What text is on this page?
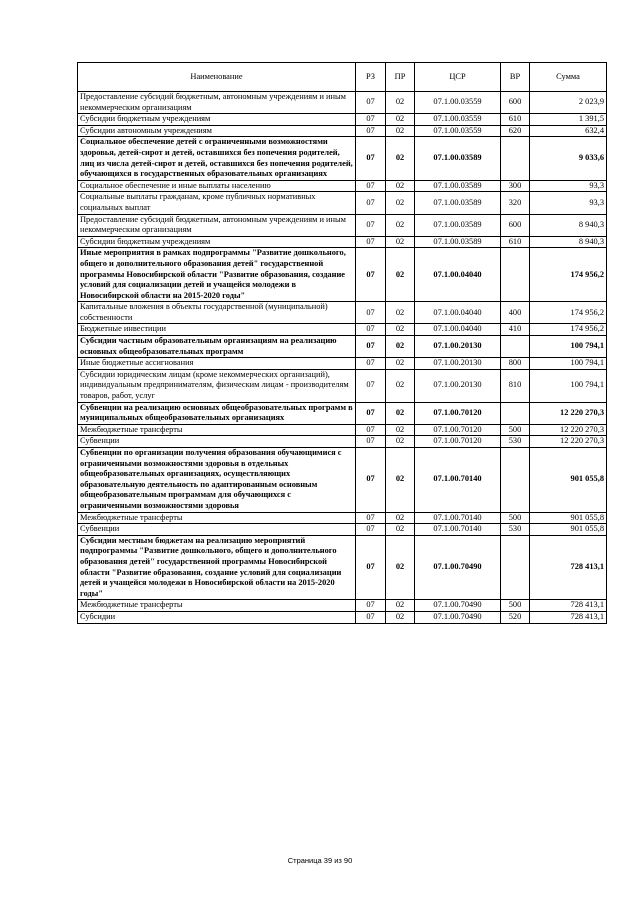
Наименование	РЗ	ПР	ЦСР	ВР	Сумма
Предоставление субсидий бюджетным, автономным учреждениям и иным некоммерческим организациям	07	02	07.1.00.03559	600	2 023,9
Субсидии бюджетным учреждениям	07	02	07.1.00.03559	610	1 391,5
Субсидии автономным учреждениям	07	02	07.1.00.03559	620	632,4
Социальное обеспечение детей с ограниченными возможностями здоровья, детей-сирот и детей, оставшихся без попечения родителей, лиц из числа детей-сирот и детей, оставшихся без попечения родителей, обучающихся в государственных образовательных организациях	07	02	07.1.00.03589		9 033,6
Социальное обеспечение и иные выплаты населению	07	02	07.1.00.03589	300	93,3
Социальные выплаты гражданам, кроме публичных нормативных социальных выплат	07	02	07.1.00.03589	320	93,3
Предоставление субсидий бюджетным, автономным учреждениям и иным некоммерческим организациям	07	02	07.1.00.03589	600	8 940,3
Субсидии бюджетным учреждениям	07	02	07.1.00.03589	610	8 940,3
Иные мероприятия в рамках подпрограммы "Развитие дошкольного, общего и дополнительного образования детей" государственной программы Новосибирской области "Развитие образования, создание условий для социализации детей и учащейся молодежи в Новосибирской области на 2015-2020 годы"	07	02	07.1.00.04040		174 956,2
Капитальные вложения в объекты государственной (муниципальной) собственности	07	02	07.1.00.04040	400	174 956,2
Бюджетные инвестиции	07	02	07.1.00.04040	410	174 956,2
Субсидии частным образовательным организациям на реализацию основных общеобразовательных программ	07	02	07.1.00.20130		100 794,1
Иные бюджетные ассигнования	07	02	07.1.00.20130	800	100 794,1
Субсидии юридическим лицам (кроме некоммерческих организаций), индивидуальным предпринимателям, физическим лицам - производителям товаров, работ, услуг	07	02	07.1.00.20130	810	100 794,1
Субвенции на реализацию основных общеобразовательных программ в муниципальных общеобразовательных организациях	07	02	07.1.00.70120		12 220 270,3
Межбюджетные трансферты	07	02	07.1.00.70120	500	12 220 270,3
Субвенции	07	02	07.1.00.70120	530	12 220 270,3
Субвенции по организации получения образования обучающимися с ограниченными возможностями здоровья в отдельных общеобразовательных организациях, осуществляющих образовательную деятельность по адаптированным основным общеобразовательным программам для обучающихся с ограниченными возможностями здоровья	07	02	07.1.00.70140		901 055,8
Межбюджетные трансферты	07	02	07.1.00.70140	500	901 055,8
Субвенции	07	02	07.1.00.70140	530	901 055,8
Субсидии местным бюджетам на реализацию мероприятий подпрограммы "Развитие дошкольного, общего и дополнительного образования детей" государственной программы Новосибирской области "Развитие образования, создание условий для социализации детей и учащейся молодежи в Новосибирской области на 2015-2020 годы"	07	02	07.1.00.70490		728 413,1
Межбюджетные трансферты	07	02	07.1.00.70490	500	728 413,1
Субсидии	07	02	07.1.00.70490	520	728 413,1
Страница 39 из 90
